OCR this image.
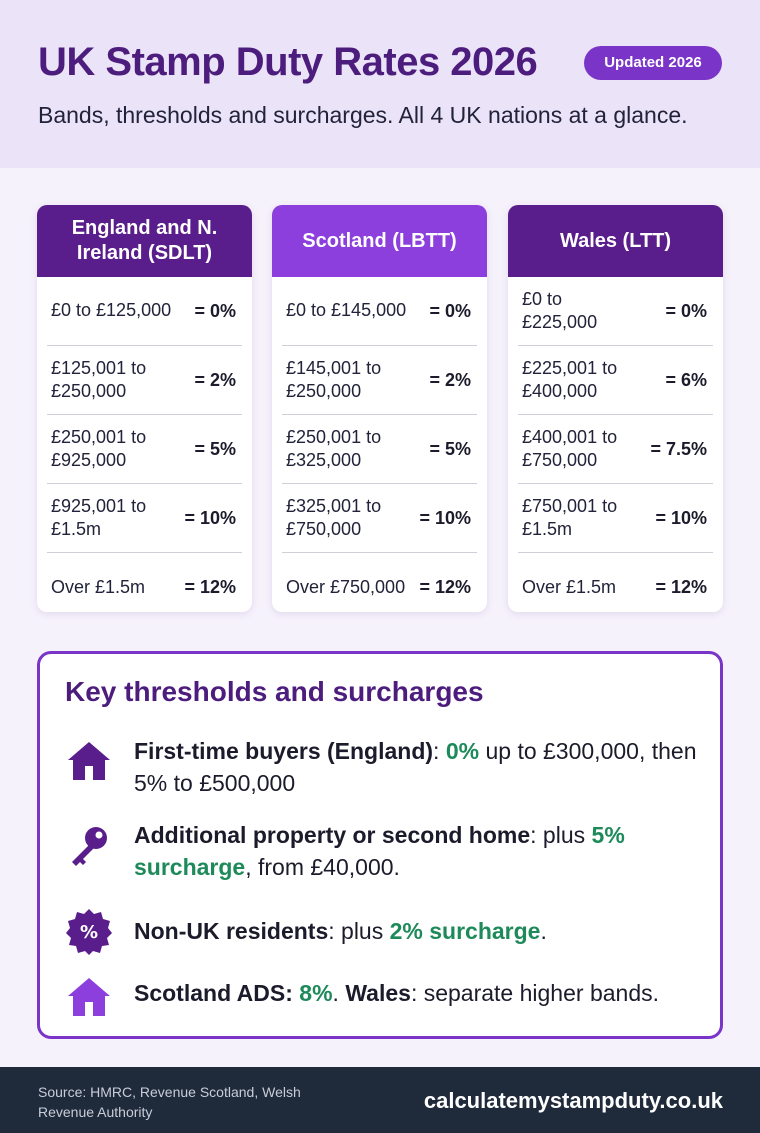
UK Stamp Duty Rates 2026	Updated 2026
Bands, thresholds and surcharges. All 4 UK nations at a glance.
England and N. Ireland (SDLT)
£0 to £125,000 = 0%
£125,001 to £250,000
= 2%
£250,001 to £925,000
= 5%
£925,001 to £1.5m
= 10%
Over £1.5m = 12%
Scotland (LBTT)
£0 to £145,000 = 0%
£145,001 to £250,000
= 2%
£250,001 to £325,000
= 5%
£325,001 to £750,000
= 10%
Over £750,000 = 12%
Wales (LTT)
£0 to £225,000
= 0%
£225,001 to £400,000
= 6%
£400,001 to £750,000
= 7.5%
£750,001 to £1.5m
= 10%
Over £1.5m = 12%
Key thresholds and surcharges
First-time buyers (England): 0% up to £300,000, then 5% to £500,000
Additional property or second home: plus 5% surcharge, from £40,000.
% Non-UK residents: plus 2% surcharge.
Scotland ADS: 8%. Wales: separate higher bands.
Source: HMRC, Revenue Scotland, Welsh Revenue Authority	calculatemystampduty.co.uk
